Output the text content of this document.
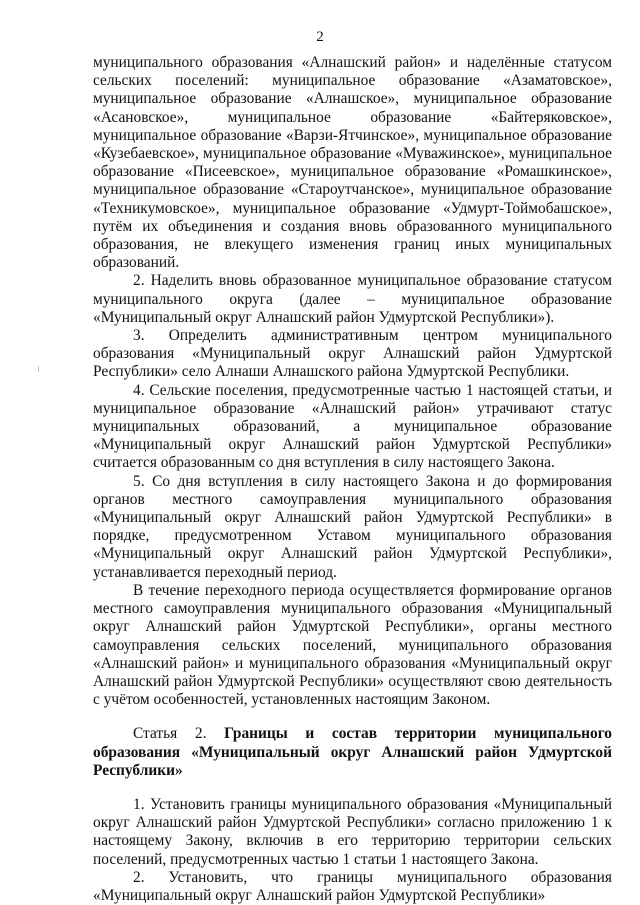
2

муниципального образования «Алнашский район» и наделённые статусом сельских поселений: муниципальное образование «Азаматовское», муниципальное образование «Алнашское», муниципальное образование «Асановское», муниципальное образование «Байтеряковское», муниципальное образование «Варзи-Ятчинское», муниципальное образование «Кузебаевское», муниципальное образование «Муважинское», муниципальное образование «Писеевское», муниципальное образование «Ромашкинское», муниципальное образование «Староутчанское», муниципальное образование «Техникумовское», муниципальное образование «Удмурт-Тоймобашское», путём их объединения и создания вновь образованного муниципального образования, не влекущего изменения границ иных муниципальных образований.

2. Наделить вновь образованное муниципальное образование статусом муниципального округа (далее – муниципальное образование «Муниципальный округ Алнашский район Удмуртской Республики»).

3. Определить административным центром муниципального образования «Муниципальный округ Алнашский район Удмуртской Республики» село Алнаши Алнашского района Удмуртской Республики.

4. Сельские поселения, предусмотренные частью 1 настоящей статьи, и муниципальное образование «Алнашский район» утрачивают статус муниципальных образований, а муниципальное образование «Муниципальный округ Алнашский район Удмуртской Республики» считается образованным со дня вступления в силу настоящего Закона.

5. Со дня вступления в силу настоящего Закона и до формирования органов местного самоуправления муниципального образования «Муниципальный округ Алнашский район Удмуртской Республики» в порядке, предусмотренном Уставом муниципального образования «Муниципальный округ Алнашский район Удмуртской Республики», устанавливается переходный период.

В течение переходного периода осуществляется формирование органов местного самоуправления муниципального образования «Муниципальный округ Алнашский район Удмуртской Республики», органы местного самоуправления сельских поселений, муниципального образования «Алнашский район» и муниципального образования «Муниципальный округ Алнашский район Удмуртской Республики» осуществляют свою деятельность с учётом особенностей, установленных настоящим Законом.

Статья 2. Границы и состав территории муниципального образования «Муниципальный округ Алнашский район Удмуртской Республики»

1. Установить границы муниципального образования «Муниципальный округ Алнашский район Удмуртской Республики» согласно приложению 1 к настоящему Закону, включив в его территорию территории сельских поселений, предусмотренных частью 1 статьи 1 настоящего Закона.

2. Установить, что границы муниципального образования «Муниципальный округ Алнашский район Удмуртской Республики»
